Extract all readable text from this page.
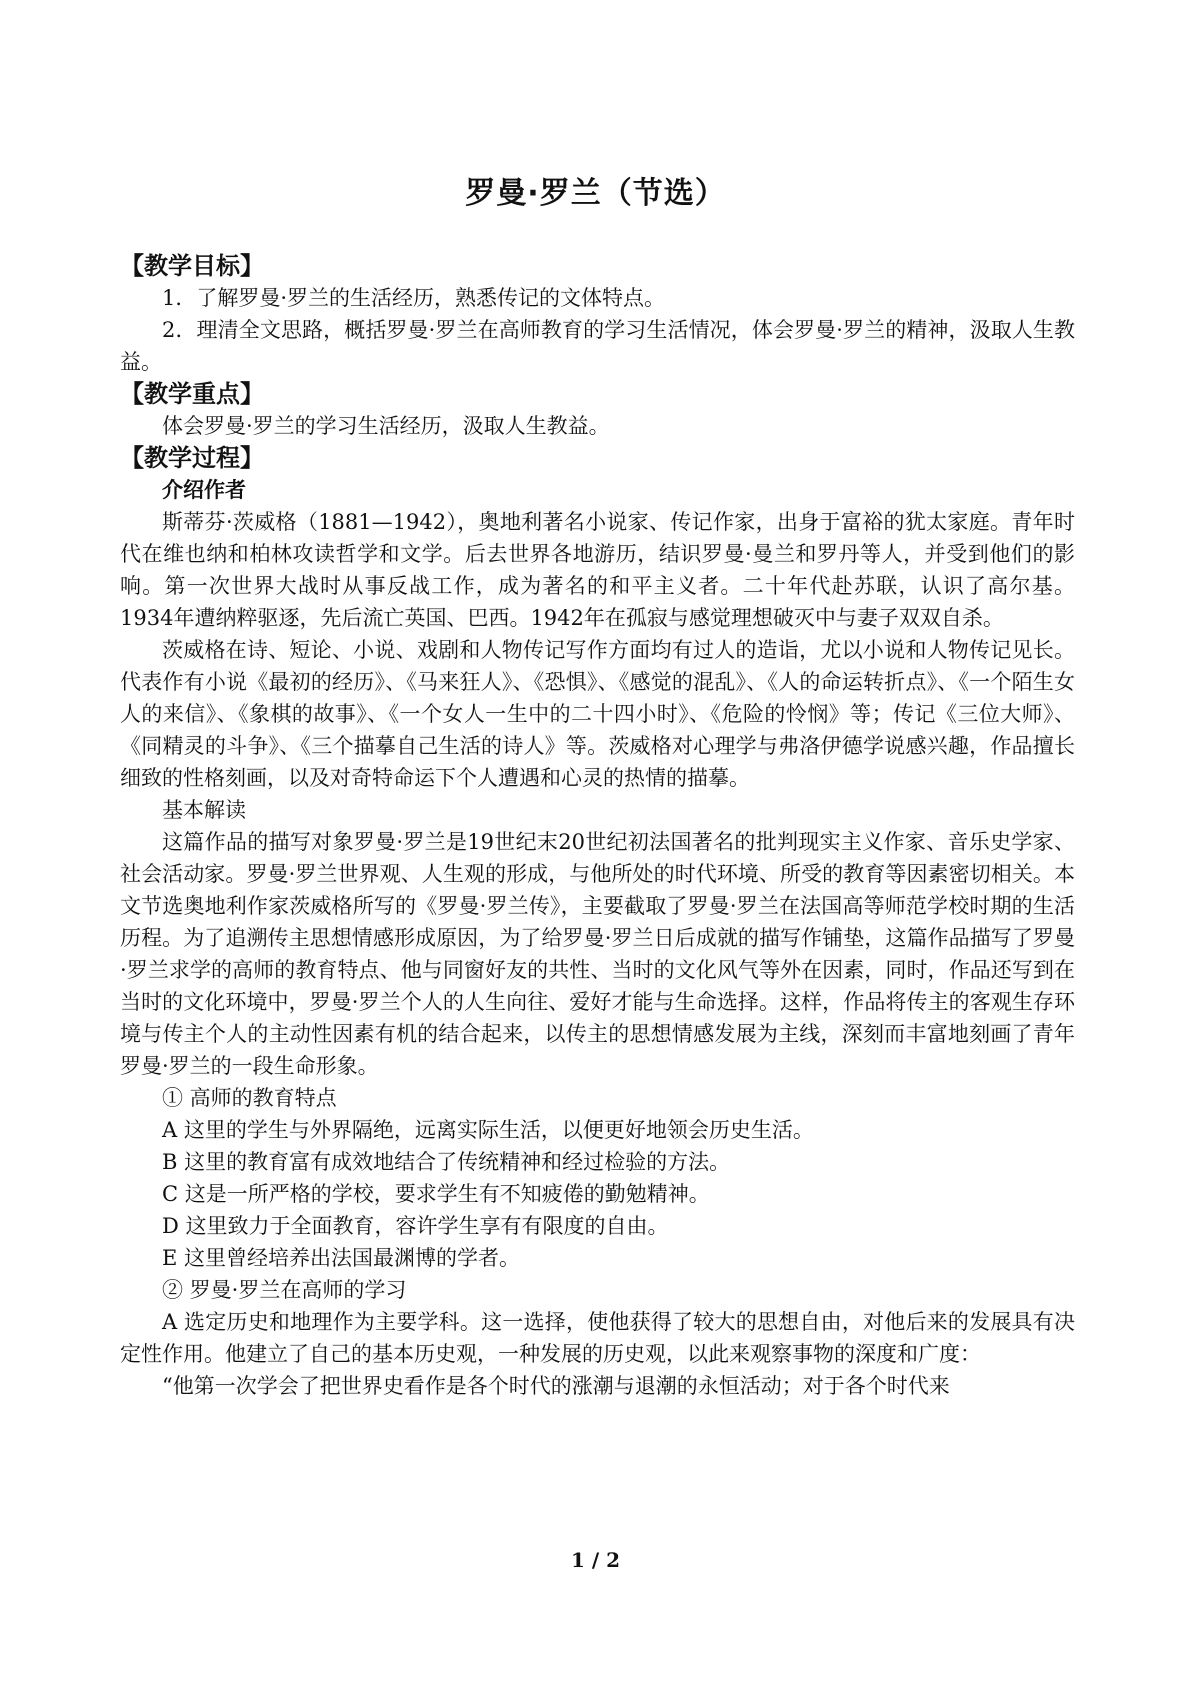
罗曼·罗兰（节选）
【教学目标】

1．了解罗曼·罗兰的生活经历，熟悉传记的文体特点。

2．理清全文思路，概括罗曼·罗兰在高师教育的学习生活情况，体会罗曼·罗兰的精神，汲取人生教益。

【教学重点】

体会罗曼·罗兰的学习生活经历，汲取人生教益。

【教学过程】
介绍作者

斯蒂芬·茨威格（1881—1942），奥地利著名小说家、传记作家，出身于富裕的犹太家庭。青年时代在维也纳和柏林攻读哲学和文学。后去世界各地游历，结识罗曼·曼兰和罗丹等人，并受到他们的影响。第一次世界大战时从事反战工作，成为著名的和平主义者。二十年代赴苏联，认识了高尔基。1934年遭纳粹驱逐，先后流亡英国、巴西。1942年在孤寂与感觉理想破灭中与妻子双双自杀。

茨威格在诗、短论、小说、戏剧和人物传记写作方面均有过人的造诣，尤以小说和人物传记见长。代表作有小说《最初的经历》、《马来狂人》、《恐惧》、《感觉的混乱》、《人的命运转折点》、《一个陌生女人的来信》、《象棋的故事》、《一个女人一生中的二十四小时》、《危险的怜悯》等；传记《三位大师》、《同精灵的斗争》、《三个描摹自己生活的诗人》等。茨威格对心理学与弗洛伊德学说感兴趣，作品擅长细致的性格刻画，以及对奇特命运下个人遭遇和心灵的热情的描摹。

基本解读

这篇作品的描写对象罗曼·罗兰是19世纪末20世纪初法国著名的批判现实主义作家、音乐史学家、社会活动家。罗曼·罗兰世界观、人生观的形成，与他所处的时代环境、所受的教育等因素密切相关。本文节选奥地利作家茨威格所写的《罗曼·罗兰传》，主要截取了罗曼·罗兰在法国高等师范学校时期的生活历程。为了追溯传主思想情感形成原因，为了给罗曼·罗兰日后成就的描写作铺垫，这篇作品描写了罗曼·罗兰求学的高师的教育特点、他与同窗好友的共性、当时的文化风气等外在因素，同时，作品还写到在当时的文化环境中，罗曼·罗兰个人的人生向往、爱好才能与生命选择。这样，作品将传主的客观生存环境与传主个人的主动性因素有机的结合起来，以传主的思想情感发展为主线，深刻而丰富地刻画了青年罗曼·罗兰的一段生命形象。

① 高师的教育特点
A 这里的学生与外界隔绝，远离实际生活，以便更好地领会历史生活。
B 这里的教育富有成效地结合了传统精神和经过检验的方法。
C 这是一所严格的学校，要求学生有不知疲倦的勤勉精神。
D 这里致力于全面教育，容许学生享有有限度的自由。
E 这里曾经培养出法国最渊博的学者。
② 罗曼·罗兰在高师的学习

A 选定历史和地理作为主要学科。这一选择，使他获得了较大的思想自由，对他后来的发展具有决定性作用。他建立了自己的基本历史观，一种发展的历史观，以此来观察事物的深度和广度：

“他第一次学会了把世界史看作是各个时代的涨潮与退潮的永恒活动；对于各个时代来

1 / 2
